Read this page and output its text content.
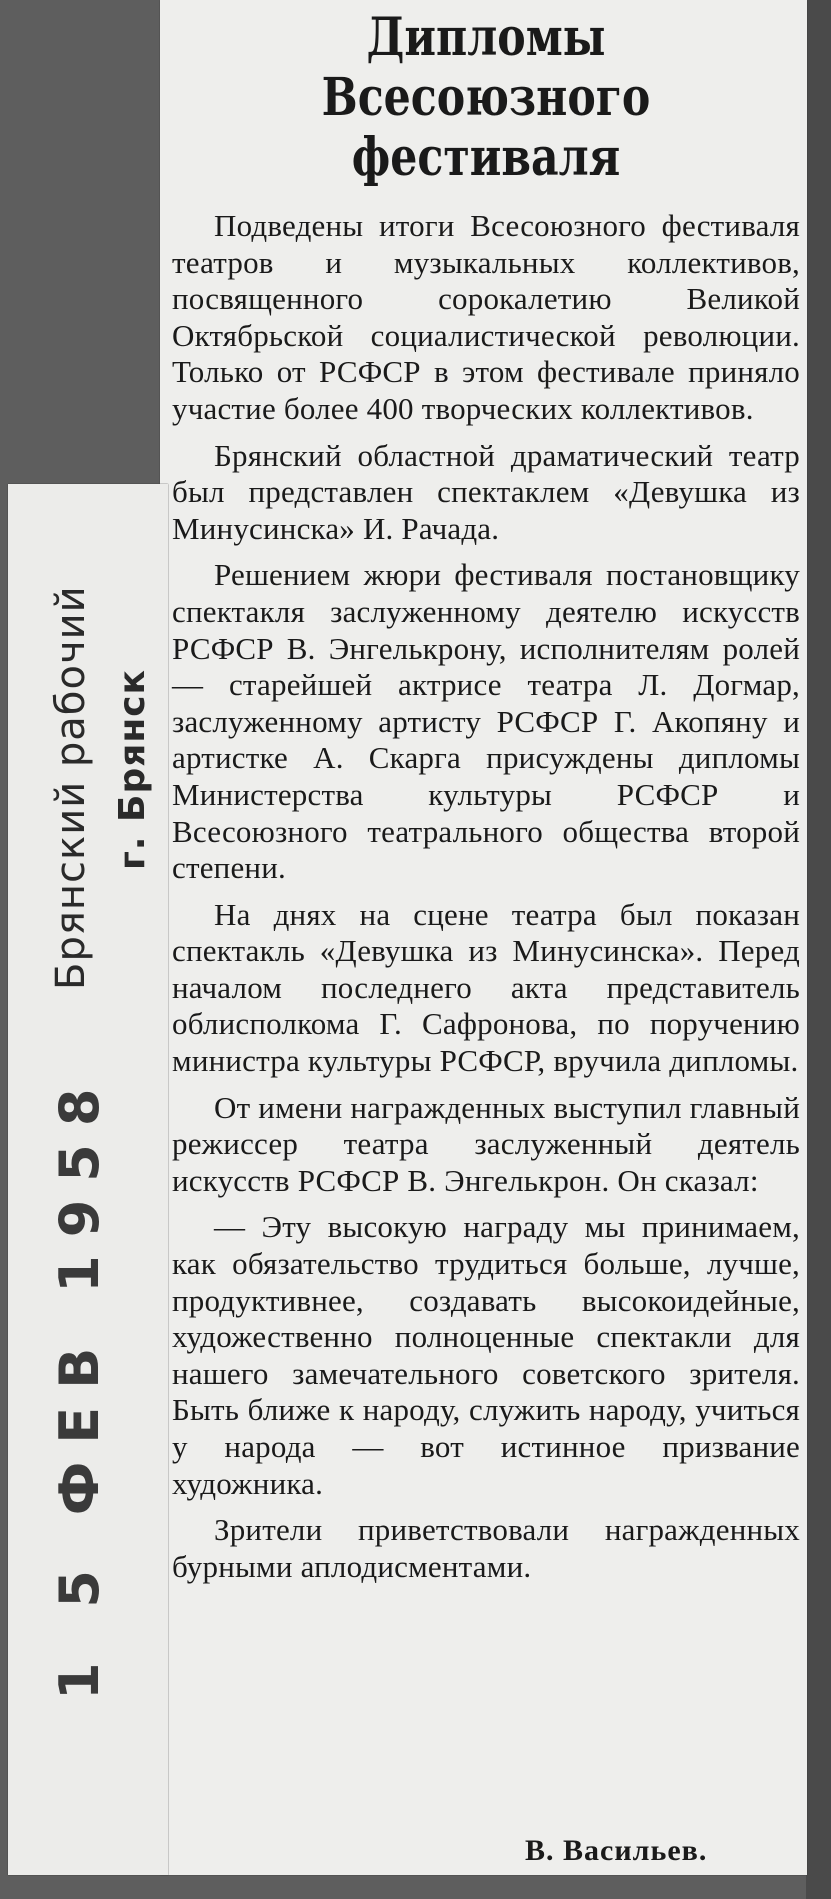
Дипломы
Всесоюзного
фестиваля

Подведены итоги Всесоюзного фестиваля театров и музыкальных коллективов, посвященного сорокалетию Великой Октябрьской социалистической революции. Только от РСФСР в этом фестивале приняло участие более 400 творческих коллективов.

Брянский областной драматический театр был представлен спектаклем «Девушка из Минусинска» И. Рачада.

Решением жюри фестиваля постановщику спектакля заслуженному деятелю искусств РСФСР В. Энгелькрону, исполнителям ролей — старейшей актрисе театра Л. Догмар, заслуженному артисту РСФСР Г. Акопяну и артистке А. Скарга присуждены дипломы Министерства культуры РСФСР и Всесоюзного театрального общества второй степени.

На днях на сцене театра был показан спектакль «Девушка из Минусинска». Перед началом последнего акта представитель облисполкома Г. Сафронова, по поручению министра культуры РСФСР, вручила дипломы.

От имени награжденных выступил главный режиссер театра заслуженный деятель искусств РСФСР В. Энгелькрон. Он сказал:

— Эту высокую награду мы принимаем, как обязательство трудиться больше, лучше, продуктивнее, создавать высокоидейные, художественно полноценные спектакли для нашего замечательного советского зрителя. Быть ближе к народу, служить народу, учиться у народа — вот истинное призвание художника.

Зрители приветствовали награжденных бурными аплодисментами.

В. Васильев.
Брянский рабочий г. Брянск
1 5 ФЕВ 1958
